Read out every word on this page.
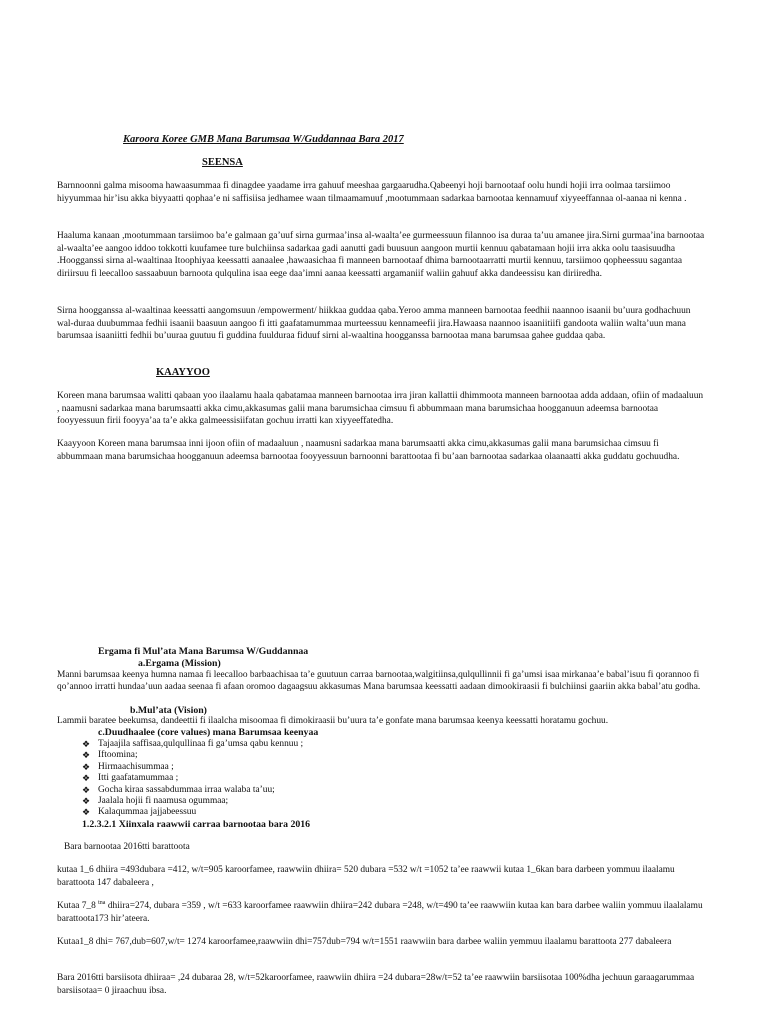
Karoora Koree GMB Mana Barumsaa W/Guddannaa Bara 2017
SEENSA

Barnnoonni galma misooma hawaasummaa fi dinagdee yaadame irra gahuuf meeshaa gargaarudha.Qabeenyi hoji barnootaaf oolu hundi hojii irra oolmaa tarsiimoo hiyyummaa hir’isu akka biyyaatti qophaa’e ni saffisiisa jedhamee waan tilmaamamuuf ,mootummaan sadarkaa barnootaa kennamuuf xiyyeeffannaa ol-aanaa ni kenna .

Haaluma kanaan ,mootummaan tarsiimoo ba’e galmaan ga’uuf sirna gurmaa’insa al-waalta’ee gurmeessuun filannoo isa duraa ta’uu amanee jira.Sirni gurmaa’ina barnootaa al-waalta’ee aangoo iddoo tokkotti kuufamee ture bulchiinsa sadarkaa gadi aanutti gadi buusuun aangoon murtii kennuu qabatamaan hojii irra akka oolu taasisuudha .Hoogganssi sirna al-waaltinaa Itoophiyaa keessatti aanaalee ,hawaasichaa fi manneen barnootaaf dhima barnootaarratti murtii kennuu, tarsiimoo qopheessuu sagantaa diriirsuu fi leecalloo sassaabuun barnoota qulqulina isaa eege daa’imni aanaa keessatti argamaniif waliin gahuuf akka dandeessisu kan diriiredha.

Sirna hoogganssa al-waaltinaa keessatti aangomsuun /empowerment/ hiikkaa guddaa qaba.Yeroo amma manneen barnootaa feedhii naannoo isaanii bu’uura godhachuun wal-duraa duubummaa fedhii isaanii baasuun aangoo fi itti gaafatamummaa murteessuu kennameefii jira.Hawaasa naannoo isaaniitiifi gandoota waliin walta’uun mana barumsaa isaaniitti fedhii bu’uuraa guutuu fi guddina fuulduraa fiduuf sirni al-waaltina hoogganssa barnootaa mana barumsaa gahee guddaa qaba.

KAAYYOO

Koreen mana barumsaa walitti qabaan yoo ilaalamu haala qabatamaa manneen barnootaa irra jiran kallattii dhimmoota manneen barnootaa adda addaan, ofiin of madaaluun , naamusni sadarkaa mana barumsaatti akka cimu,akkasumas galii mana barumsichaa cimsuu fi abbummaan mana barumsichaa hoogganuun adeemsa barnootaa fooyyessuun firii fooyya’aa ta’e akka galmeessisiifatan gochuu irratti kan xiyyeeffatedha.

Kaayyoon Koreen mana barumsaa inni ijoon ofiin of madaaluun , naamusni sadarkaa mana barumsaatti akka cimu,akkasumas galii mana barumsichaa cimsuu fi abbummaan mana barumsichaa hoogganuun adeemsa barnootaa fooyyessuun barnoonni barattootaa fi bu’aan barnootaa sadarkaa olaanaatti akka guddatu gochuudha.

Ergama fi Mul’ata Mana Barumsa W/Guddannaa
a.Ergama (Mission)

Manni barumsaa keenya humna namaa fi leecalloo barbaachisaa ta’e guutuun carraa barnootaa,walgitiinsa,qulqullinnii fi ga’umsi isaa mirkanaa’e babal’isuu fi qorannoo fi qo’annoo irratti hundaa’uun aadaa seenaa fi afaan oromoo dagaagsuu akkasumas Mana barumsaa keessatti aadaan dimookiraasii fi bulchiinsi gaariin akka babal’atu godha.

b.Mul’ata (Vision)

Lammii baratee beekumsa, dandeettii fi ilaalcha misoomaa fi dimokiraasii bu’uura ta’e gonfate mana barumsaa keenya keessatti horatamu gochuu.

c.Duudhaalee (core values) mana Barumsaa keenyaa
❖ Tajaajila saffisaa,qulqullinaa fi ga’umsa qabu kennuu ;
❖ Iftoomina;
❖ Hirmaachisummaa ;
❖ Itti gaafatamummaa ;
❖ Gocha kiraa sassabdummaa irraa walaba ta’uu;
❖ Jaalala hojii fi naamusa ogummaa;
❖ Kalaqummaa jajjabeessuu
1.2.3.2.1 Xiinxala raawwii carraa barnootaa bara 2016
Bara barnootaa 2016tti barattoota

kutaa 1_6 dhiira =493dubara =412, w/t=905 karoorfamee, raawwiin dhiira= 520 dubara =532 w/t =1052 ta’ee raawwii kutaa 1_6kan bara darbeen yommuu ilaalamu barattoota 147 dabaleera ,

Kutaa 7_8 $^{tna}$ dhiira=274, dubara =359 , w/t =633 karoorfamee raawwiin dhiira=242 dubara =248, w/t=490 ta’ee raawwiin kutaa kan bara darbee waliin yommuu ilaalalamu barattoota173 hir’ateera.

Kutaa1_8 dhi= 767,dub=607,w/t= 1274 karoorfamee,raawwiin dhi=757dub=794 w/t=1551 raawwiin bara darbee waliin yemmuu ilaalamu barattoota 277 dabaleera

Bara 2016tti barsiisota dhiiraa= ,24 dubaraa 28, w/t=52karoorfamee, raawwiin dhiira =24 dubara=28w/t=52 ta’ee raawwiin barsiisotaa 100%dha jechuun garaagarummaa barsiisotaa= 0 jiraachuu ibsa.
